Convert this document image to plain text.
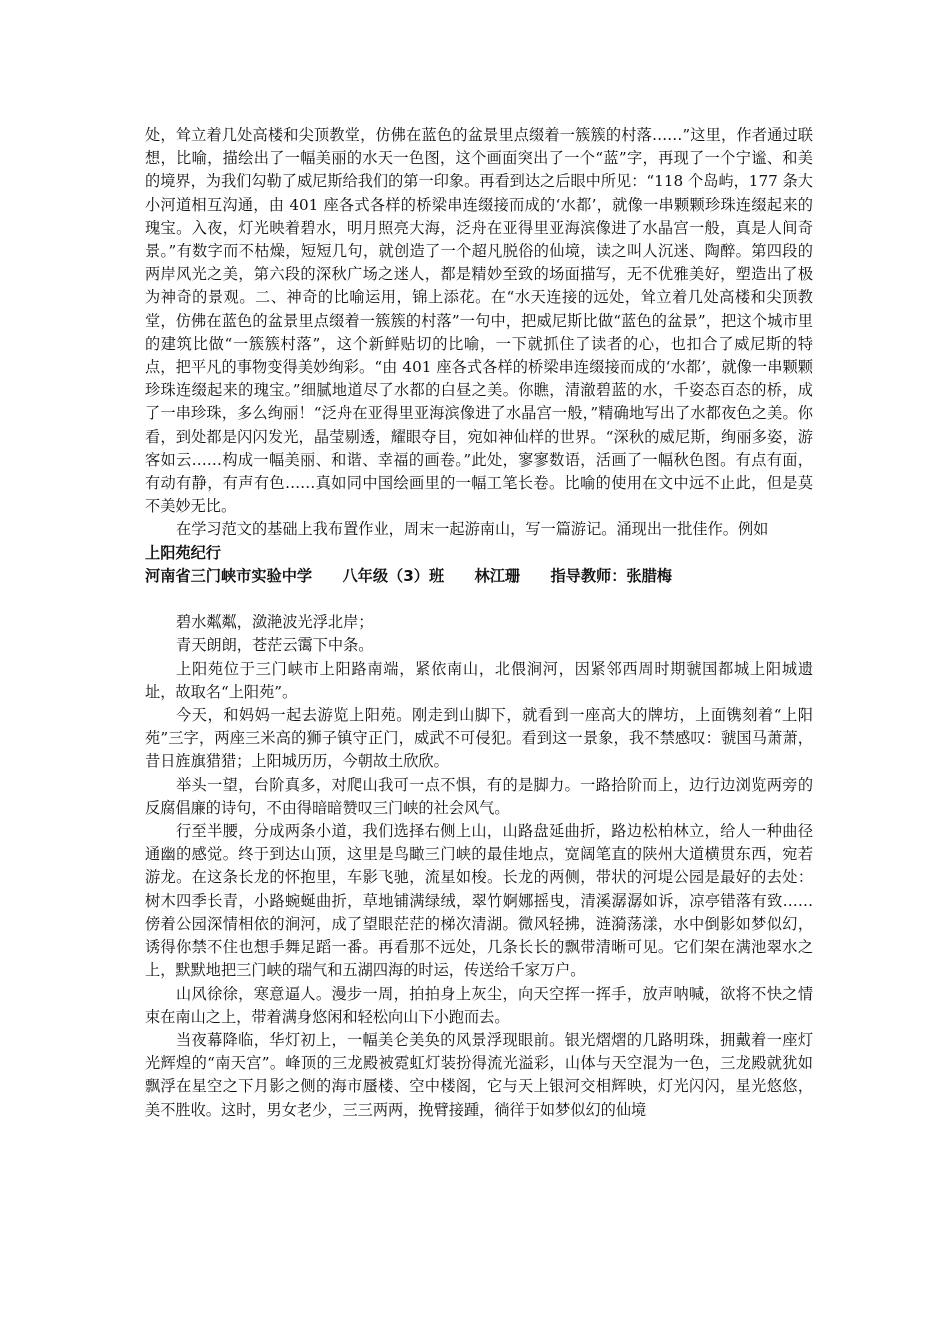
处，耸立着几处高楼和尖顶教堂，仿佛在蓝色的盆景里点缀着一簇簇的村落……”这里，作者通过联想，比喻，描绘出了一幅美丽的水天一色图，这个画面突出了一个“蓝”字，再现了一个宁谧、和美的境界，为我们勾勒了威尼斯给我们的第一印象。再看到达之后眼中所见：“118 个岛屿，177 条大小河道相互沟通，由 401 座各式各样的桥梁串连缀接而成的‘水都’，就像一串颗颗珍珠连缀起来的瑰宝。入夜，灯光映着碧水，明月照亮大海，泛舟在亚得里亚海滨像进了水晶宫一般，真是人间奇景。”有数字而不枯燥，短短几句，就创造了一个超凡脱俗的仙境，读之叫人沉迷、陶醉。第四段的两岸风光之美，第六段的深秋广场之迷人，都是精妙至致的场面描写，无不优雅美好，塑造出了极为神奇的景观。二、神奇的比喻运用，锦上添花。在“水天连接的远处，耸立着几处高楼和尖顶教堂，仿佛在蓝色的盆景里点缀着一簇簇的村落”一句中，把威尼斯比做“蓝色的盆景”，把这个城市里的建筑比做“一簇簇村落”，这个新鲜贴切的比喻，一下就抓住了读者的心，也扣合了威尼斯的特点，把平凡的事物变得美妙绚彩。“由 401 座各式各样的桥梁串连缀接而成的‘水都’，就像一串颗颗珍珠连缀起来的瑰宝。”细腻地道尽了水都的白昼之美。你瞧，清澈碧蓝的水，千姿态百态的桥，成了一串珍珠，多么绚丽！“泛舟在亚得里亚海滨像进了水晶宫一般，”精确地写出了水都夜色之美。你看，到处都是闪闪发光，晶莹剔透，耀眼夺目，宛如神仙样的世界。“深秋的威尼斯，绚丽多姿，游客如云……构成一幅美丽、和谐、幸福的画卷。”此处，寥寥数语，活画了一幅秋色图。有点有面，有动有静，有声有色……真如同中国绘画里的一幅工笔长卷。比喻的使用在文中远不止此，但是莫不美妙无比。

在学习范文的基础上我布置作业，周末一起游南山，写一篇游记。涌现出一批佳作。例如

上阳苑纪行

河南省三门峡市实验中学　　八年级（3）班　　林江珊　　指导教师：张腊梅

碧水粼粼，潋滟波光浮北岸；

青天朗朗，苍茫云霭下中条。

上阳苑位于三门峡市上阳路南端，紧依南山，北偎涧河，因紧邻西周时期虢国都城上阳城遗址，故取名“上阳苑”。

今天，和妈妈一起去游览上阳苑。刚走到山脚下，就看到一座高大的牌坊，上面镌刻着“上阳苑”三字，两座三米高的狮子镇守正门，威武不可侵犯。看到这一景象，我不禁感叹：虢国马萧萧，昔日旌旗猎猎；上阳城历历，今朝故土欣欣。

举头一望，台阶真多，对爬山我可一点不惧，有的是脚力。一路拾阶而上，边行边浏览两旁的反腐倡廉的诗句，不由得暗暗赞叹三门峡的社会风气。

行至半腰，分成两条小道，我们选择右侧上山，山路盘延曲折，路边松柏林立，给人一种曲径通幽的感觉。终于到达山顶，这里是鸟瞰三门峡的最佳地点，宽阔笔直的陕州大道横贯东西，宛若游龙。在这条长龙的怀抱里，车影飞驰，流星如梭。长龙的两侧，带状的河堤公园是最好的去处：树木四季长青，小路蜿蜒曲折，草地铺满绿绒，翠竹婀娜摇曳，清溪潺潺如诉，凉亭错落有致…… 傍着公园深情相依的涧河，成了望眼茫茫的梯次清湖。微风轻拂，涟漪荡漾，水中倒影如梦似幻，诱得你禁不住也想手舞足蹈一番。再看那不远处，几条长长的飘带清晰可见。它们架在满池翠水之上，默默地把三门峡的瑞气和五湖四海的时运，传送给千家万户。

山风徐徐，寒意逼人。漫步一周，拍拍身上灰尘，向天空挥一挥手，放声呐喊，欲将不快之情束在南山之上，带着满身悠闲和轻松向山下小跑而去。

当夜幕降临，华灯初上，一幅美仑美奂的风景浮现眼前。银光熠熠的几路明珠，拥戴着一座灯光辉煌的“南天宫”。峰顶的三龙殿被霓虹灯装扮得流光溢彩，山体与天空混为一色，三龙殿就犹如飘浮在星空之下月影之侧的海市蜃楼、空中楼阁，它与天上银河交相辉映，灯光闪闪，星光悠悠，美不胜收。这时，男女老少，三三两两，挽臂接踵，徜徉于如梦似幻的仙境
